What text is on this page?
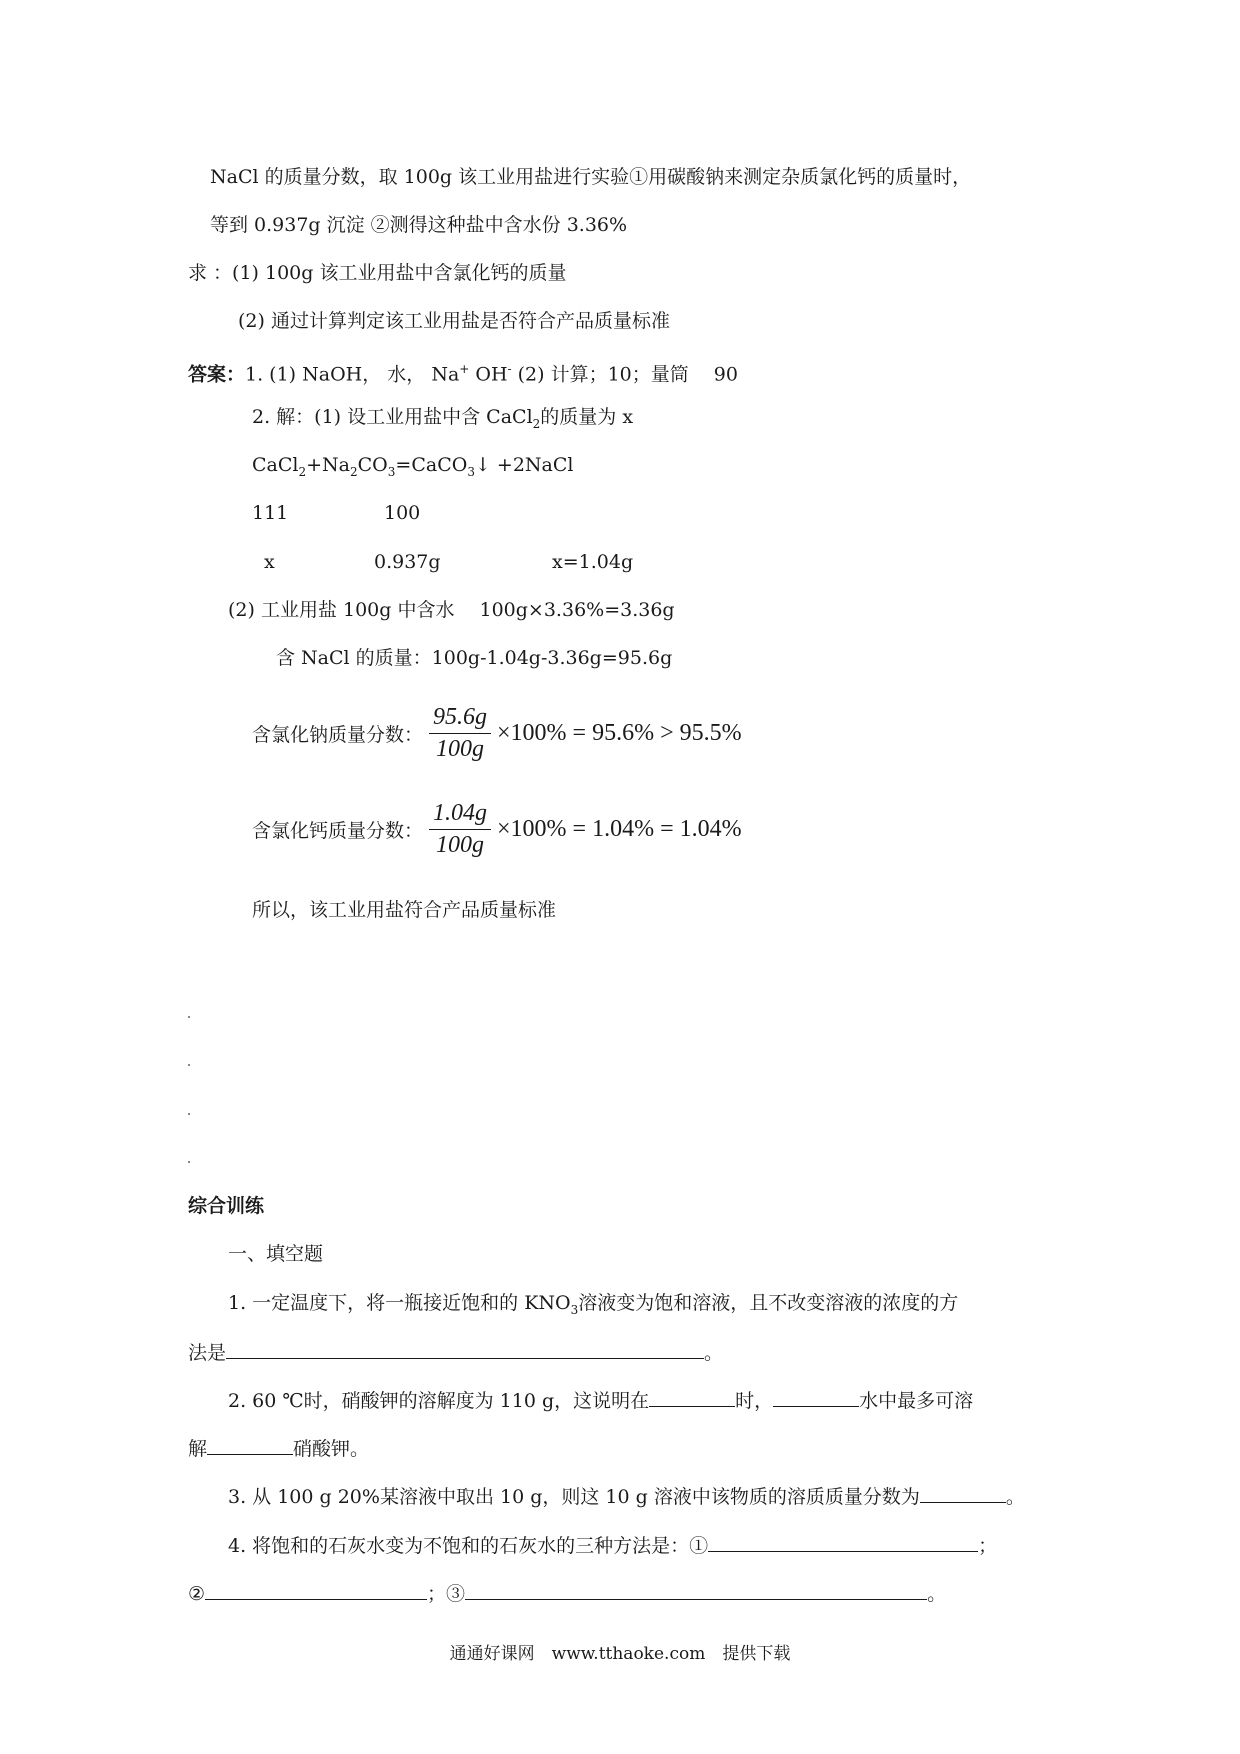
NaCl 的质量分数，取 100g 该工业用盐进行实验①用碳酸钠来测定杂质氯化钙的质量时，
等到 0.937g 沉淀 ②测得这种盐中含水份 3.36%
求 ：(1) 100g 该工业用盐中含氯化钙的质量
(2) 通过计算判定该工业用盐是否符合产品质量标准
答案：1. (1) NaOH， 水， Na+ OH- (2) 计算；10；量筒　 90
2. 解：(1) 设工业用盐中含 CaCl$_2$的质量为 x
$CaCl_2+Na_2CO_3=CaCO_3↓$ +2NaCl
111	100
x	0.937g	x=1.04g
(2) 工业用盐 100g 中含水　 100g×3.36%=3.36g
含 NaCl 的质量：100g-1.04g-3.36g=95.6g
含氯化钠质量分数： $\frac{95.6g}{100g} \times 100\% = 95.6\% > 95.5\%$
含氯化钙质量分数： $\frac{1.04g}{100g} \times 100\% = 1.04\% = 1.04\%$
所以，该工业用盐符合产品质量标准
综合训练
一、填空题
1. 一定温度下，将一瓶接近饱和的 $KNO_3$溶液变为饱和溶液，且不改变溶液的浓度的方
法是	。
2. 60 ℃时，硝酸钾的溶解度为 110 g，这说明在	时，	水中最多可溶
解	硝酸钾。
3. 从 100 g 20%某溶液中取出 10 g，则这 10 g 溶液中该物质的溶质质量分数为	。
4. 将饱和的石灰水变为不饱和的石灰水的三种方法是：①	；
②	；③	。
通通好课网　www.tthaoke.com　提供下载
